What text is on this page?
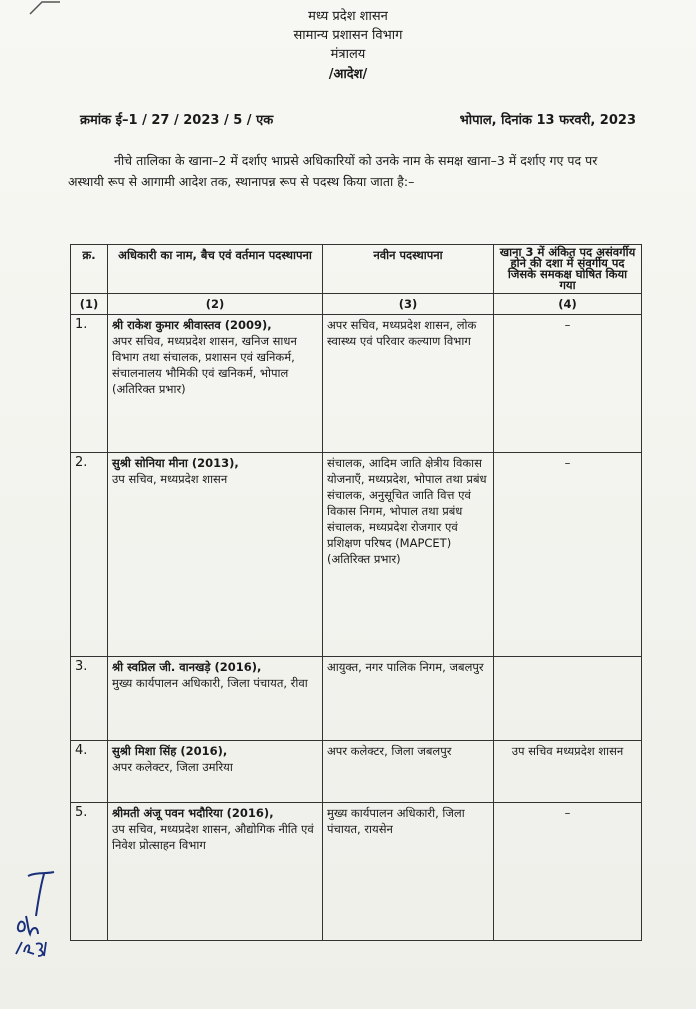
मध्य प्रदेश शासन
सामान्य प्रशासन विभाग
मंत्रालय
/आदेश/
क्रमांक ई–1 / 27 / 2023 / 5 / एक	भोपाल, दिनांक 13 फरवरी, 2023
नीचे तालिका के खाना–2 में दर्शाए भाप्रसे अधिकारियों को उनके नाम के समक्ष खाना–3 में दर्शाए गए पद पर अस्थायी रूप से आगामी आदेश तक, स्थानापन्न रूप से पदस्थ किया जाता है:–
क्र.	अधिकारी का नाम, बैच एवं वर्तमान पदस्थापना	नवीन पदस्थापना	खाना 3 में अंकित पद असंवर्गीय होने की दशा में संवर्गीय पद जिसके समकक्ष घोषित किया गया
(1)	(2)	(3)	(4)
1.	श्री राकेश कुमार श्रीवास्तव (2009),
अपर सचिव, मध्यप्रदेश शासन, खनिज साधन विभाग तथा संचालक, प्रशासन एवं खनिकर्म, संचालनालय भौमिकी एवं खनिकर्म, भोपाल (अतिरिक्त प्रभार)	अपर सचिव, मध्यप्रदेश शासन, लोक स्वास्थ्य एवं परिवार कल्याण विभाग	–
2.	सुश्री सोनिया मीना (2013),
उप सचिव, मध्यप्रदेश शासन	संचालक, आदिम जाति क्षेत्रीय विकास योजनाएँ, मध्यप्रदेश, भोपाल तथा प्रबंध संचालक, अनुसूचित जाति वित्त एवं विकास निगम, भोपाल तथा प्रबंध संचालक, मध्यप्रदेश रोजगार एवं प्रशिक्षण परिषद (MAPCET) (अतिरिक्त प्रभार)	–
3.	श्री स्वप्निल जी. वानखड़े (2016),
मुख्य कार्यपालन अधिकारी, जिला पंचायत, रीवा	आयुक्त, नगर पालिक निगम, जबलपुर	
4.	सुश्री मिशा सिंह (2016),
अपर कलेक्टर, जिला उमरिया	अपर कलेक्टर, जिला जबलपुर	उप सचिव मध्यप्रदेश शासन
5.	श्रीमती अंजू पवन भदौरिया (2016),
उप सचिव, मध्यप्रदेश शासन, औद्योगिक नीति एवं निवेश प्रोत्साहन विभाग	मुख्य कार्यपालन अधिकारी, जिला पंचायत, रायसेन	–
